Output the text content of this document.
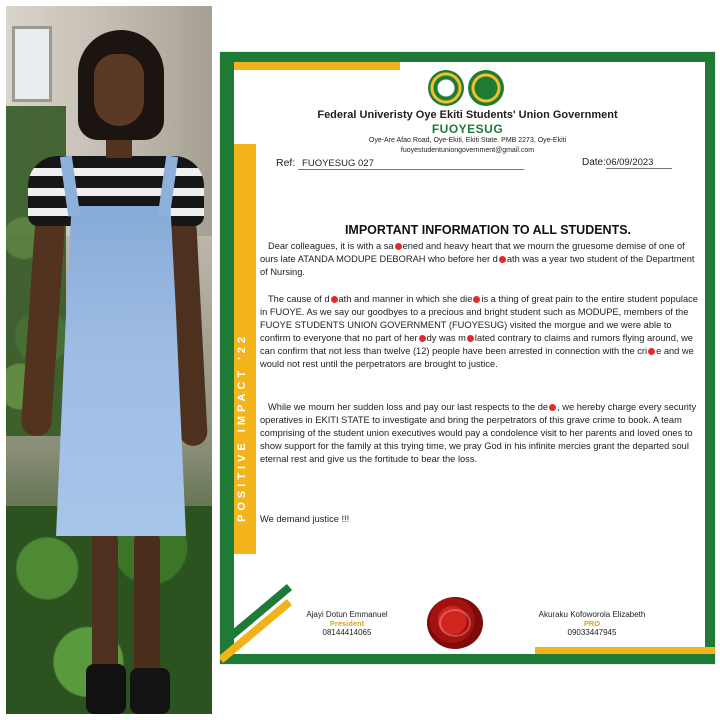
POSITIVE IMPACT '22
Federal Univeristy Oye Ekiti Students' Union Government
FUOYESUG
Oye-Are Afao Road, Oye-Ekiti, Ekiti State. PMB 2273, Oye-Ekiti
fuoyestudentuniongovernment@gmail.com
Ref: FUOYESUG 027	Date:06/09/2023
IMPORTANT INFORMATION TO ALL STUDENTS.

Dear colleagues, it is with a sa ened and heavy heart that we mourn the gruesome demise of one of ours late ATANDA MODUPE DEBORAH who before her d ath was a year two student of the Department of Nursing.

The cause of d ath and manner in which she die is a thing of great pain to the entire student populace in FUOYE. As we say our goodbyes to a precious and bright student such as MODUPE, members of the FUOYE STUDENTS UNION GOVERNMENT (FUOYESUG) visited the morgue and we were able to confirm to everyone that no part of her dy was m lated contrary to claims and rumors flying around, we can confirm that not less than twelve (12) people have been arrested in connection with the cri e and we would not rest until the perpetrators are brought to justice.

While we mourn her sudden loss and pay our last respects to the de , we hereby charge every security operatives in EKITI STATE to investigate and bring the perpetrators of this grave crime to book. A team comprising of the student union executives would pay a condolence visit to her parents and loved ones to show support for the family at this trying time, we pray God in his infinite mercies grant the departed soul eternal rest and give us the fortitude to bear the loss.

We demand justice !!!
Ajayi Dotun Emmanuel
President
08144414065
Akuraku Kofoworola Elizabeth
PRO
09033447945
